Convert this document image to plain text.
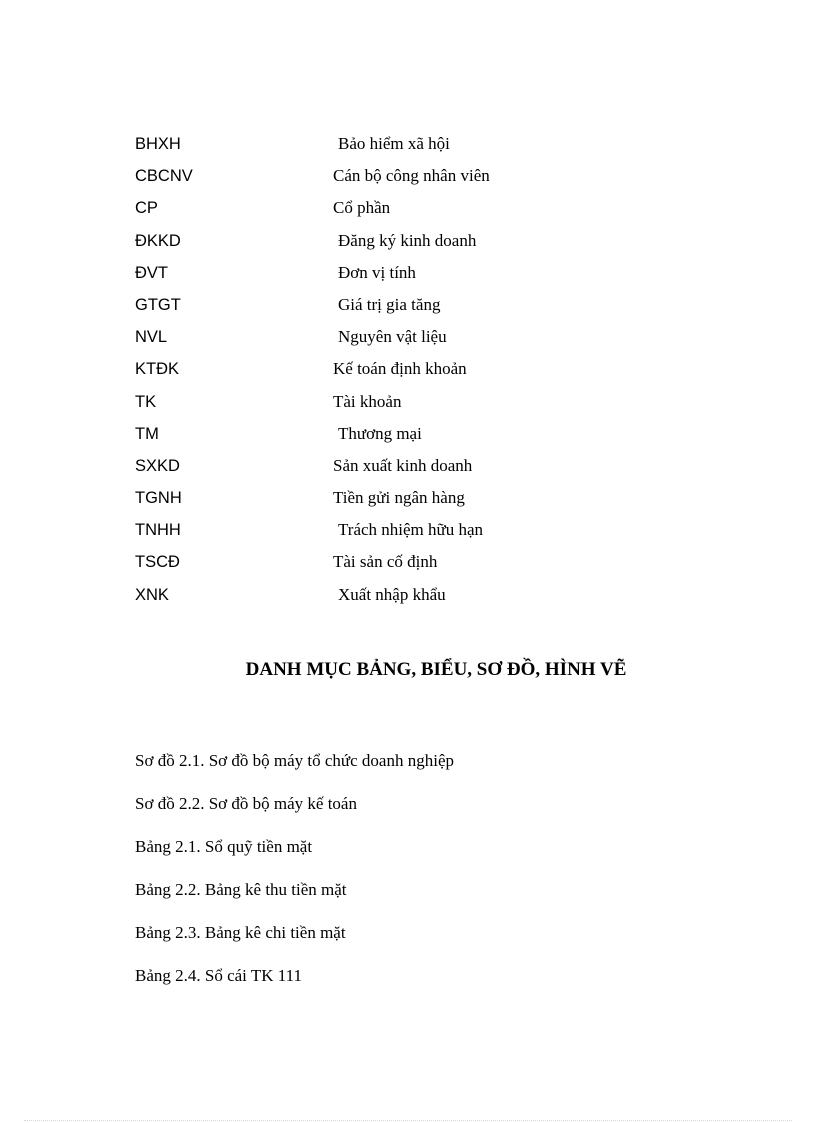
BHXH	Bảo hiểm xã hội
CBCNV	Cán bộ công nhân viên
CP	Cổ phần
ĐKKD	Đăng ký kinh doanh
ĐVT	Đơn vị tính
GTGT	Giá trị gia tăng
NVL	Nguyên vật liệu
KTĐK	Kế toán định khoản
TK	Tài khoản
TM	Thương mại
SXKD	Sản xuất kinh doanh
TGNH	Tiền gửi ngân hàng
TNHH	Trách nhiệm hữu hạn
TSCĐ	Tài sản cố định
XNK	Xuất nhập khẩu
DANH MỤC BẢNG, BIỂU, SƠ ĐỒ, HÌNH VẼ
Sơ đồ 2.1. Sơ đồ bộ máy tổ chức doanh nghiệp
Sơ đồ 2.2. Sơ đồ bộ máy kế toán
Bảng 2.1. Sổ quỹ tiền mặt
Bảng 2.2. Bảng kê thu tiền mặt
Bảng 2.3. Bảng kê chi tiền mặt
Bảng 2.4. Sổ cái TK 111
